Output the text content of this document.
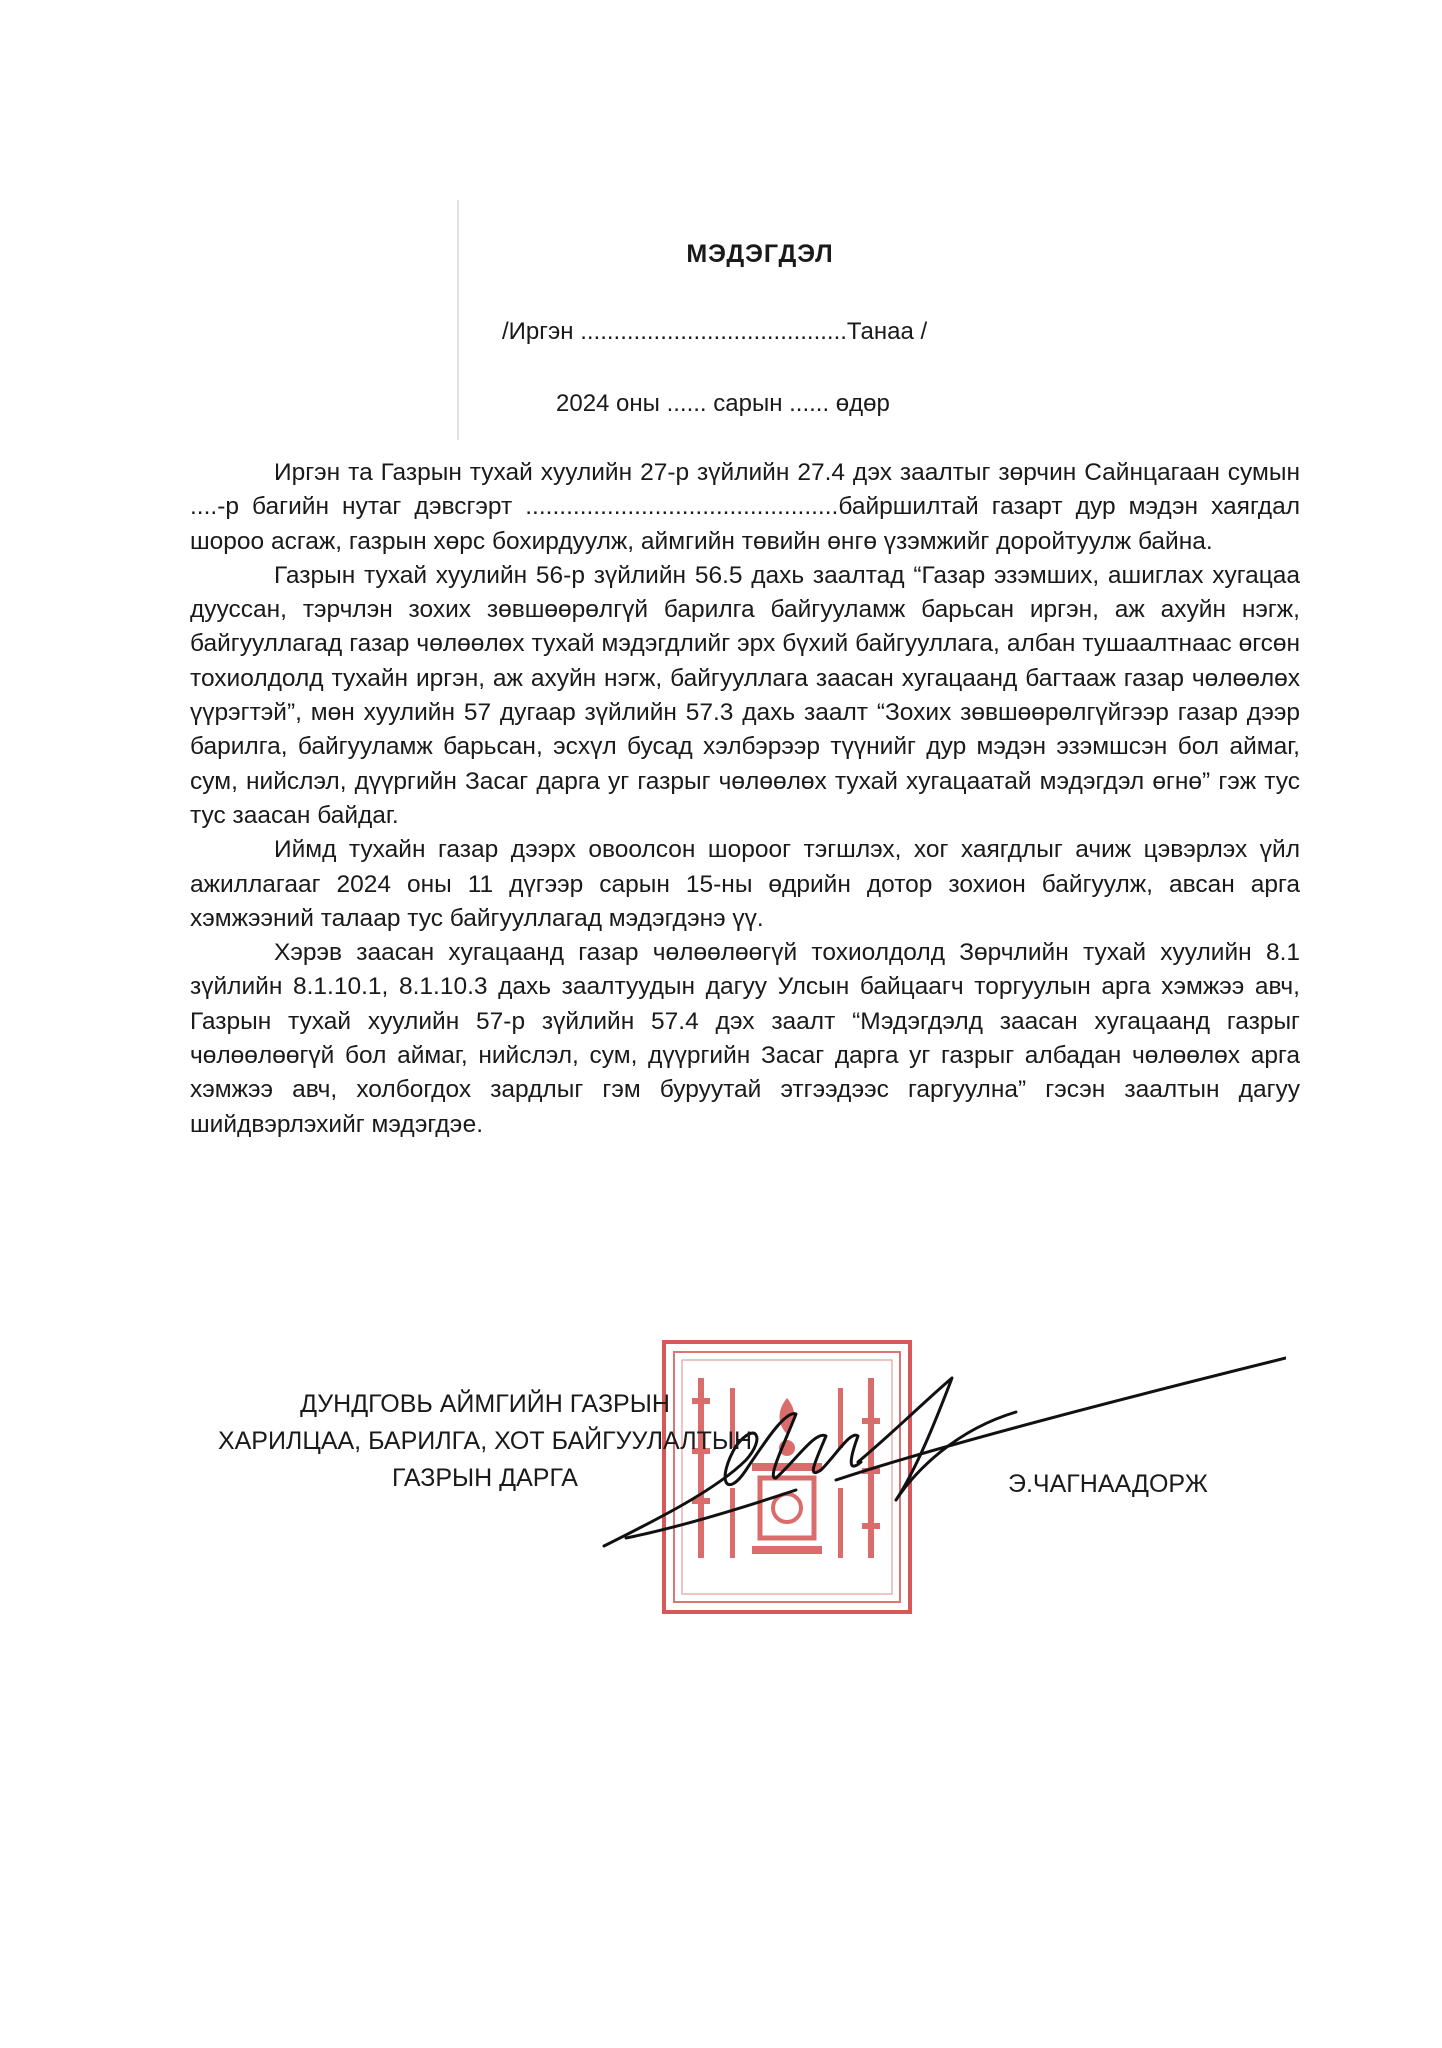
МЭДЭГДЭЛ
/Иргэн ........................................Танаа /
2024 оны ...... сарын ...... өдөр

Иргэн та Газрын тухай хуулийн 27-р зүйлийн 27.4 дэх заалтыг зөрчин Сайнцагаан сумын ....-р багийн нутаг дэвсгэрт ..............................................байршилтай газарт дур мэдэн хаягдал шороо асгаж, газрын хөрс бохирдуулж, аймгийн төвийн өнгө үзэмжийг доройтуулж байна.

Газрын тухай хуулийн 56-р зүйлийн 56.5 дахь заалтад “Газар эзэмших, ашиглах хугацаа дууссан, тэрчлэн зохих зөвшөөрөлгүй барилга байгууламж барьсан иргэн, аж ахуйн нэгж, байгууллагад газар чөлөөлөх тухай мэдэгдлийг эрх бүхий байгууллага, албан тушаалтнаас өгсөн тохиолдолд тухайн иргэн, аж ахуйн нэгж, байгууллага заасан хугацаанд багтааж газар чөлөөлөх үүрэгтэй”, мөн хуулийн 57 дугаар зүйлийн 57.3 дахь заалт “Зохих зөвшөөрөлгүйгээр газар дээр барилга, байгууламж барьсан, эсхүл бусад хэлбэрээр түүнийг дур мэдэн эзэмшсэн бол аймаг, сум, нийслэл, дүүргийн Засаг дарга уг газрыг чөлөөлөх тухай хугацаатай мэдэгдэл өгнө” гэж тус тус заасан байдаг.

Иймд тухайн газар дээрх овоолсон шороог тэгшлэх, хог хаягдлыг ачиж цэвэрлэх үйл ажиллагааг 2024 оны 11 дүгээр сарын 15-ны өдрийн дотор зохион байгуулж, авсан арга хэмжээний талаар тус байгууллагад мэдэгдэнэ үү.

Хэрэв заасан хугацаанд газар чөлөөлөөгүй тохиолдолд Зөрчлийн тухай хуулийн 8.1 зүйлийн 8.1.10.1, 8.1.10.3 дахь заалтуудын дагуу Улсын байцаагч торгуулын арга хэмжээ авч, Газрын тухай хуулийн 57-р зүйлийн 57.4 дэх заалт “Мэдэгдэлд заасан хугацаанд газрыг чөлөөлөөгүй бол аймаг, нийслэл, сум, дүүргийн Засаг дарга уг газрыг албадан чөлөөлөх арга хэмжээ авч, холбогдох зардлыг гэм буруутай этгээдээс гаргуулна” гэсэн заалтын дагуу шийдвэрлэхийг мэдэгдэе.

ДУНДГОВЬ АЙМГИЙН ГАЗРЫН
ХАРИЛЦАА, БАРИЛГА, ХОТ БАЙГУУЛАЛТЫН
ГАЗРЫН ДАРГА	Э.ЧАГНААДОРЖ
